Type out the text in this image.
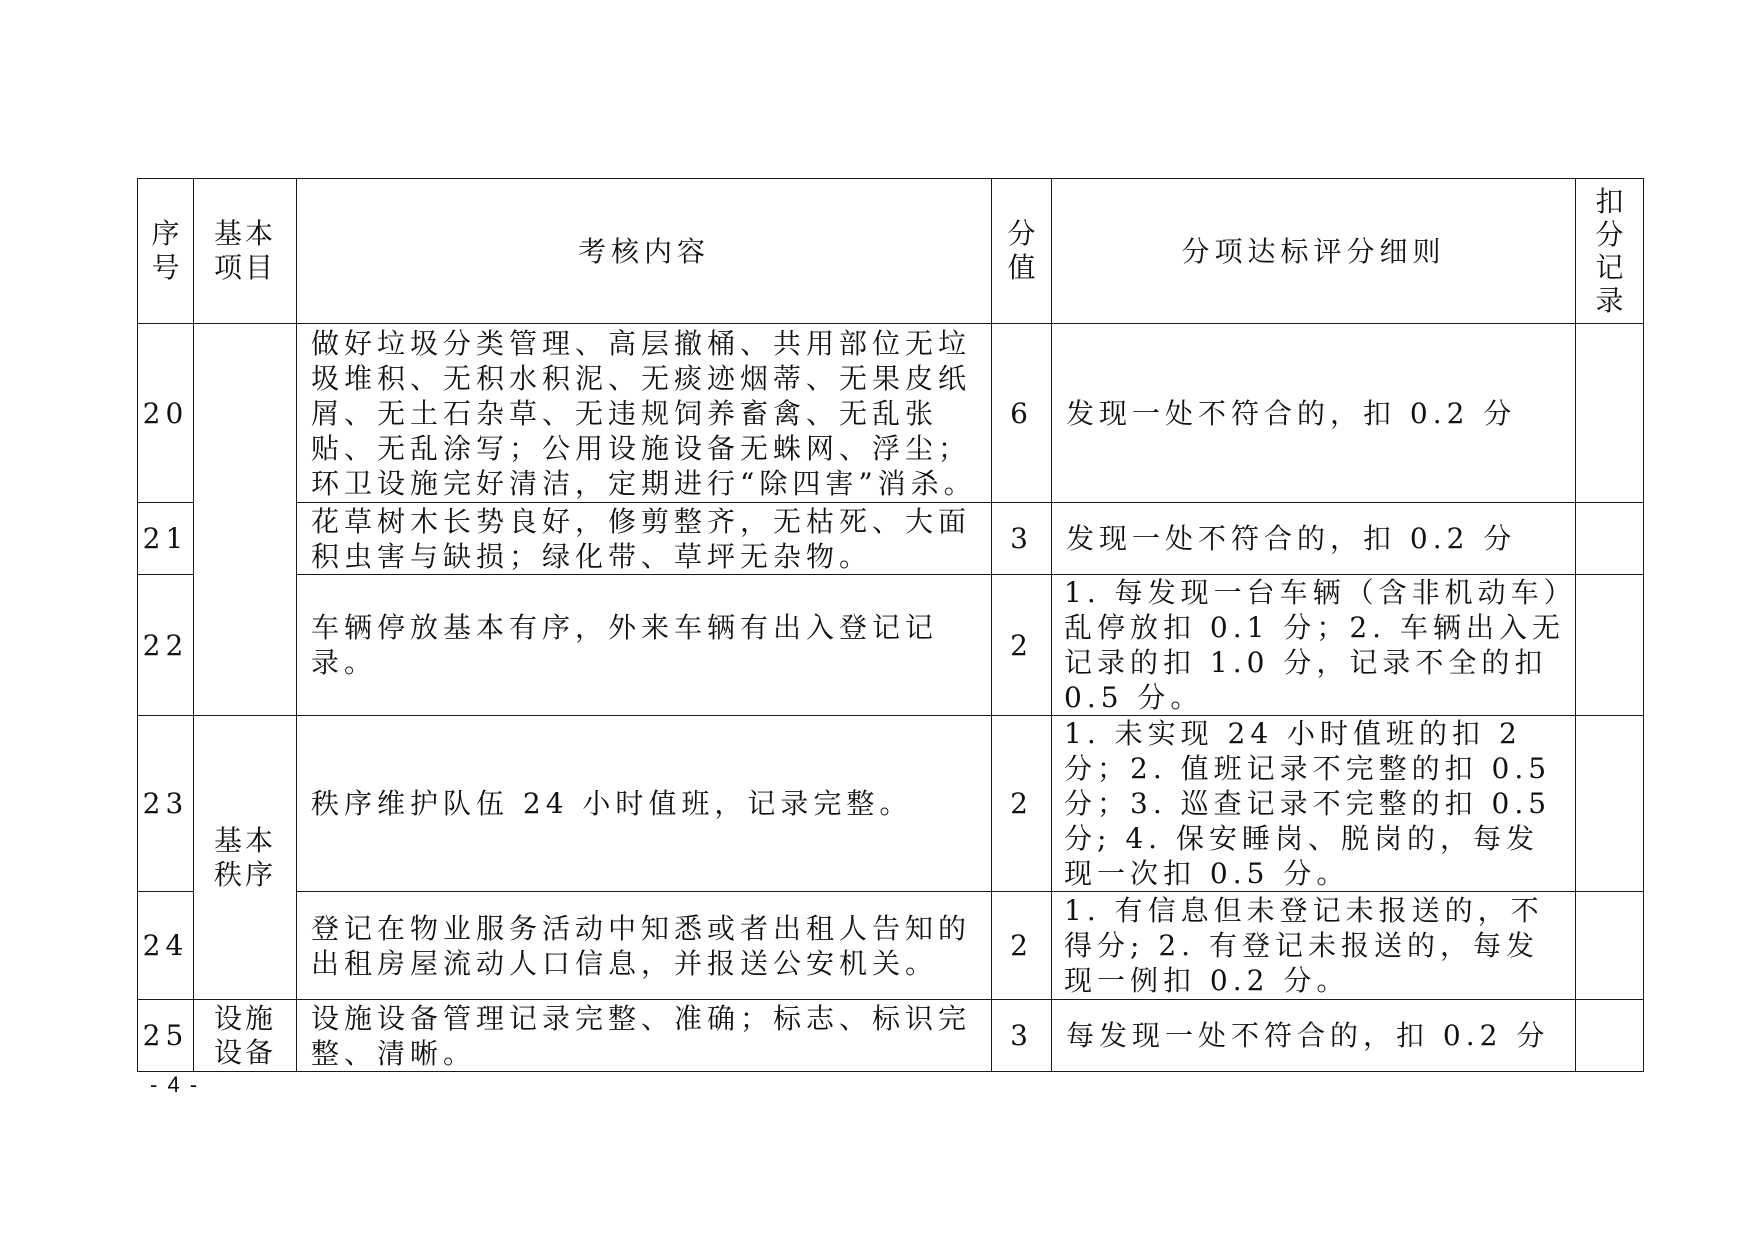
序号	基本项目	考核内容	分值	分项达标评分细则	扣分记录
20		做好垃圾分类管理、高层撤桶、共用部位无垃圾堆积、无积水积泥、无痰迹烟蒂、无果皮纸屑、无土石杂草、无违规饲养畜禽、无乱张贴、无乱涂写；公用设施设备无蛛网、浮尘；环卫设施完好清洁，定期进行“除四害”消杀。	6	发现一处不符合的，扣 0.2 分	
21		花草树木长势良好，修剪整齐，无枯死、大面积虫害与缺损；绿化带、草坪无杂物。	3	发现一处不符合的，扣 0.2 分	
22		车辆停放基本有序，外来车辆有出入登记记录。	2	1. 每发现一台车辆（含非机动车）乱停放扣 0.1 分；2. 车辆出入无记录的扣 1.0 分，记录不全的扣 0.5 分。	
23	基本秩序	秩序维护队伍 24 小时值班，记录完整。	2	1. 未实现 24 小时值班的扣 2 分；2. 值班记录不完整的扣 0.5 分；3. 巡查记录不完整的扣 0.5 分; 4. 保安睡岗、脱岗的，每发现一次扣 0.5 分。	
24		登记在物业服务活动中知悉或者出租人告知的出租房屋流动人口信息，并报送公安机关。	2	1. 有信息但未登记未报送的，不得分; 2. 有登记未报送的，每发现一例扣 0.2 分。	
25	设施设备	设施设备管理记录完整、准确；标志、标识完整、清晰。	3	每发现一处不符合的，扣 0.2 分	
- 4 -
